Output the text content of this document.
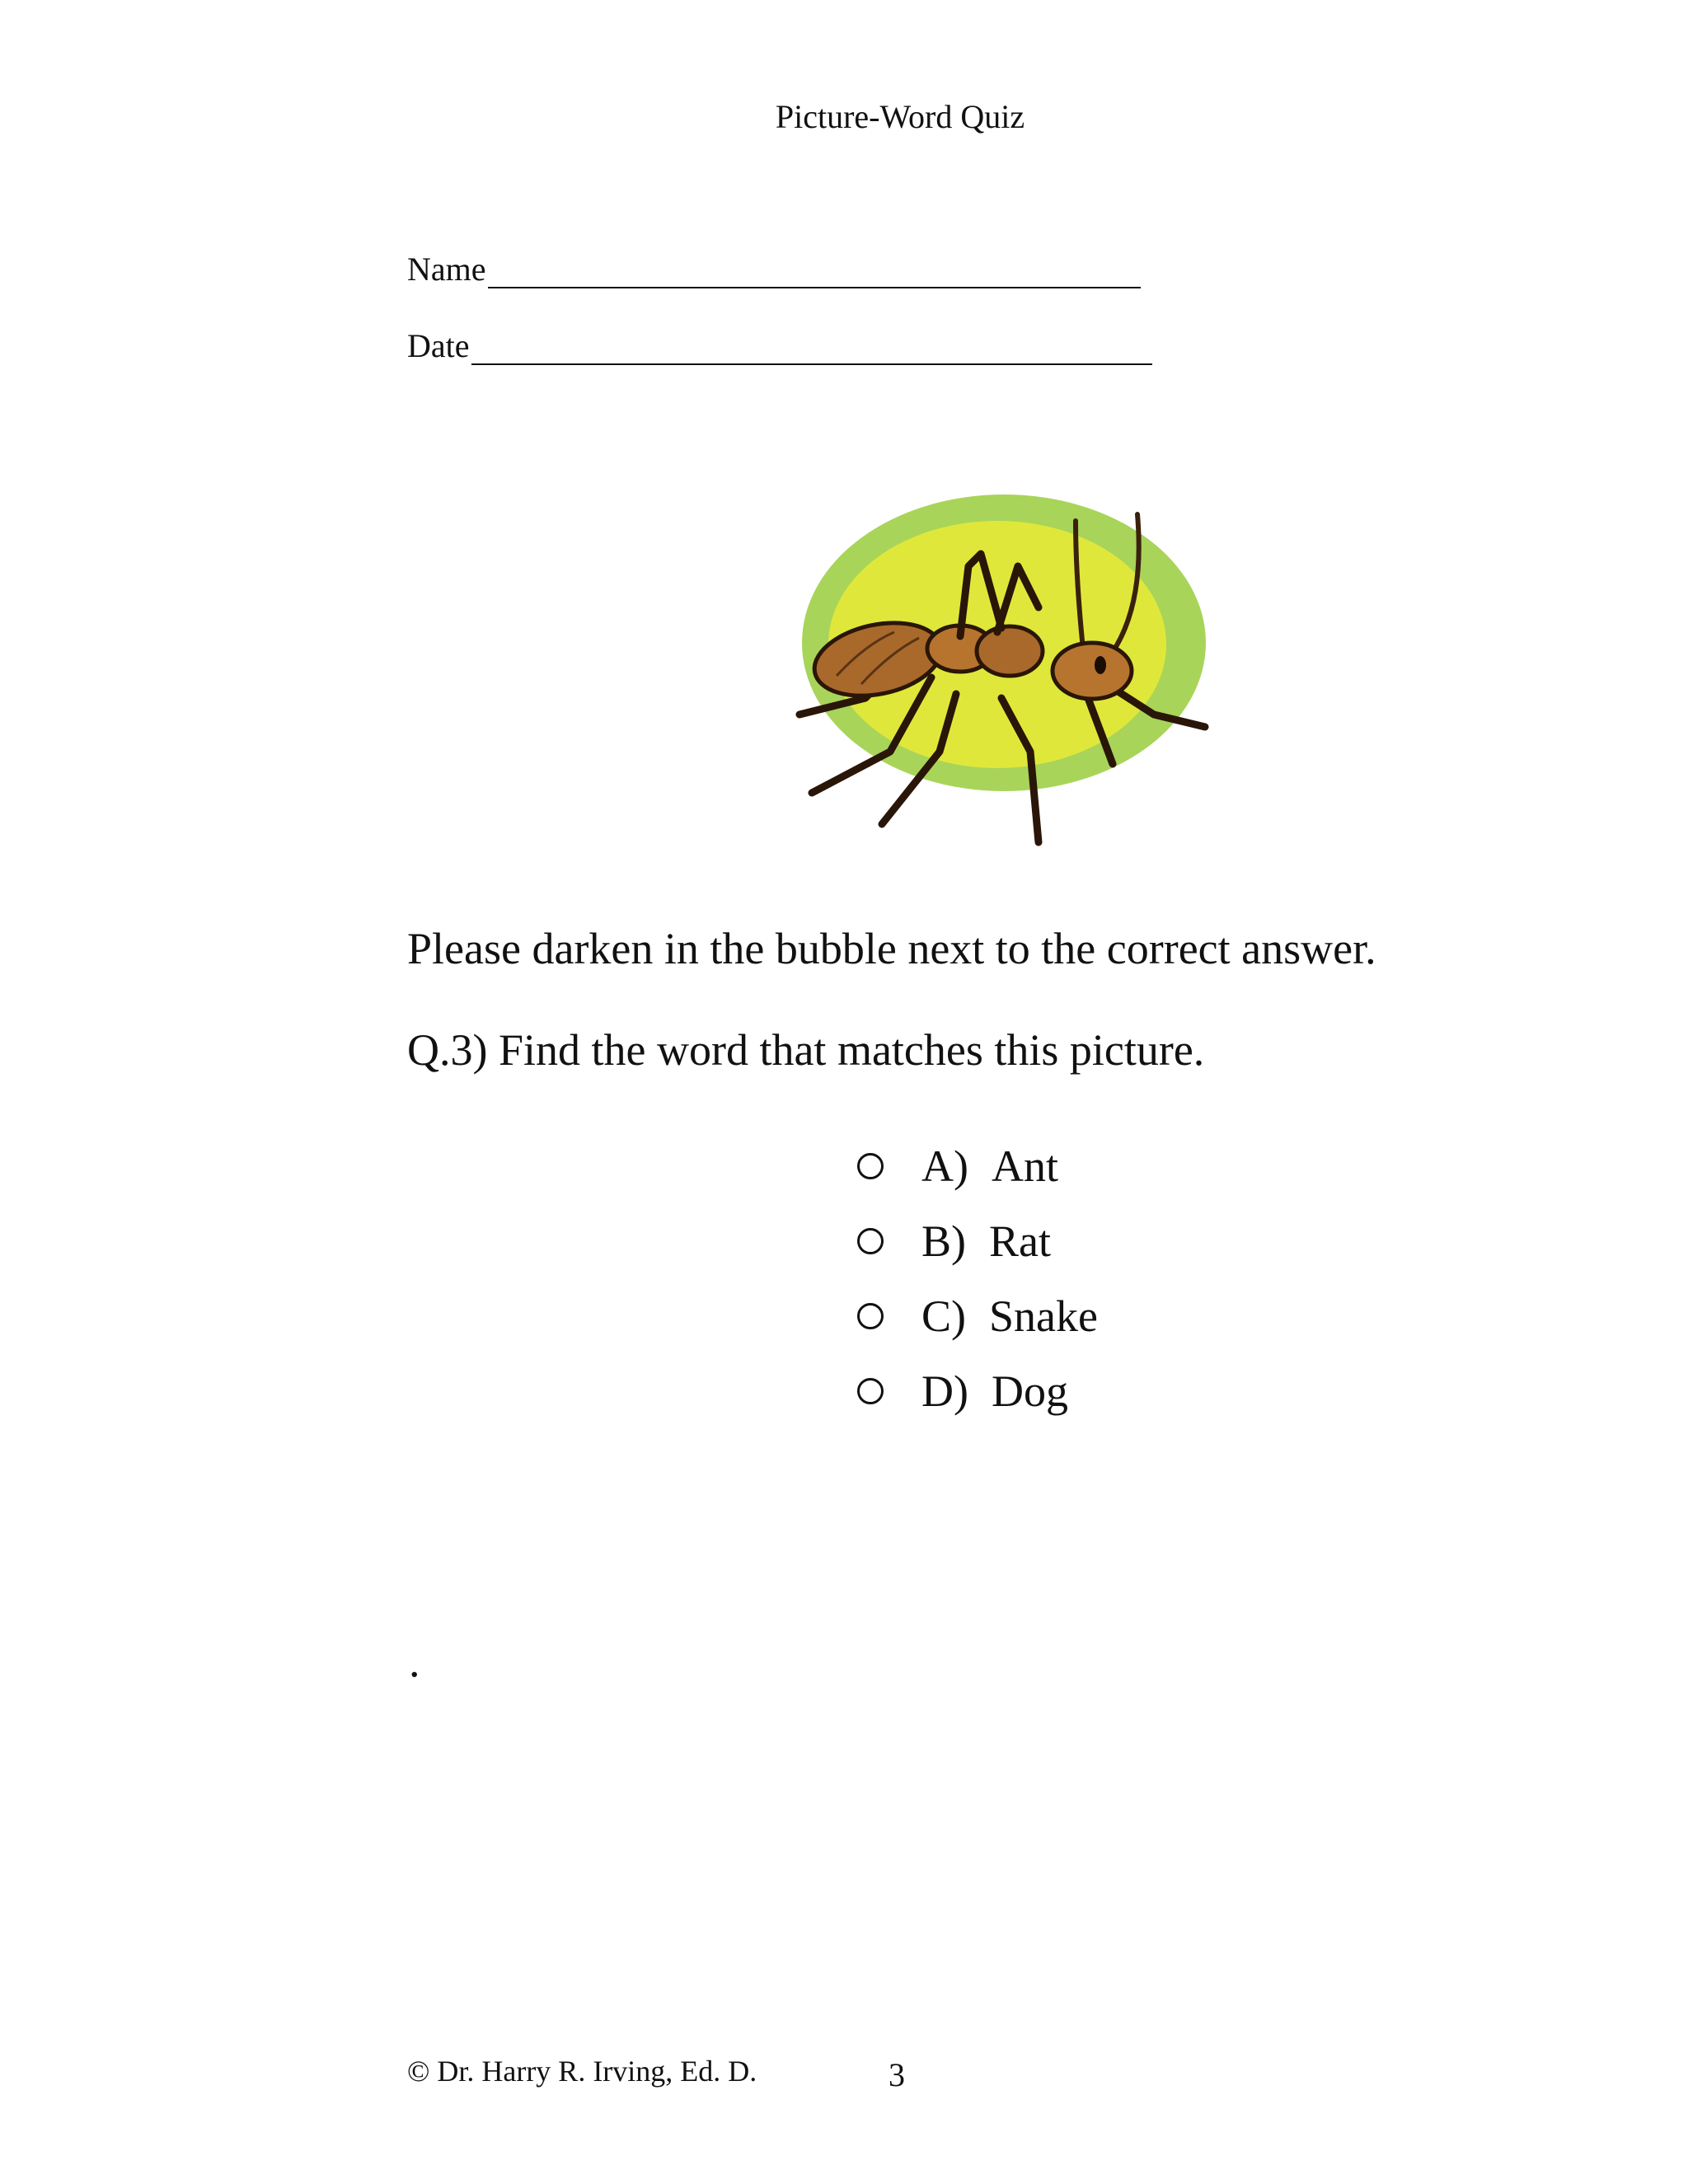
Picture-Word Quiz
Name
Date
Please darken in the bubble next to the correct answer.
Q.3) Find the word that matches this picture.
A) Ant
B) Rat
C) Snake
D) Dog
.
© Dr. Harry R. Irving, Ed. D.	3
